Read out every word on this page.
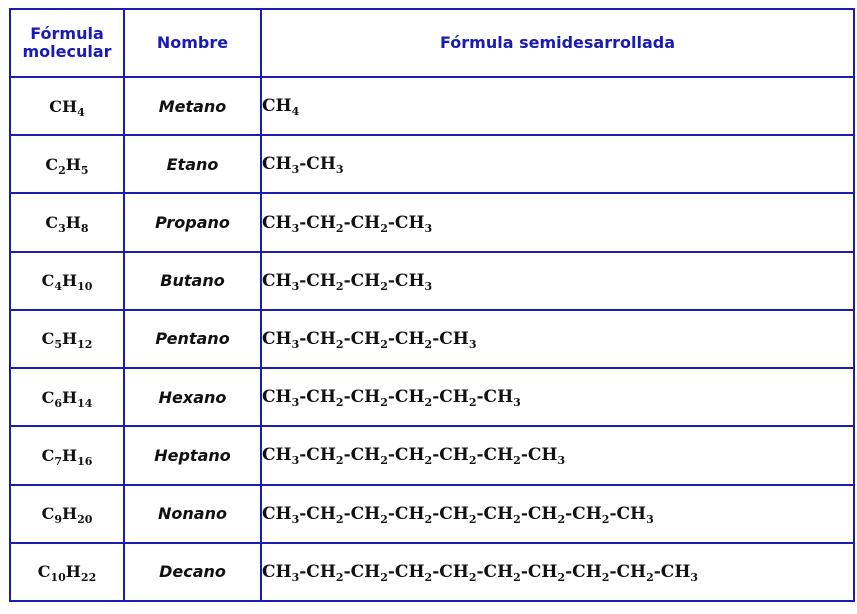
Fórmula molecular	Nombre	Fórmula semidesarrollada
$CH_4$	Metano	$CH_4$
$C_2H_5$	Etano	$CH_3-CH_3$
$C_3H_8$	Propano	$CH_3-CH_2-CH_2-CH_3$
$C_4H_{10}$	Butano	$CH_3-CH_2-CH_2-CH_3$
$C_5H_{12}$	Pentano	$CH_3-CH_2-CH_2-CH_2-CH_3$
$C_6H_{14}$	Hexano	$CH_3-CH_2-CH_2-CH_2-CH_2-CH_3$
$C_7H_{16}$	Heptano	$CH_3-CH_2-CH_2-CH_2-CH_2-CH_2-CH_3$
$C_9H_{20}$	Nonano	$CH_3-CH_2-CH_2-CH_2-CH_2-CH_2-CH_2-CH_2-CH_3$
$C_{10}H_{22}$	Decano	$CH_3-CH_2-CH_2-CH_2-CH_2-CH_2-CH_2-CH_2-CH_2-CH_3$
